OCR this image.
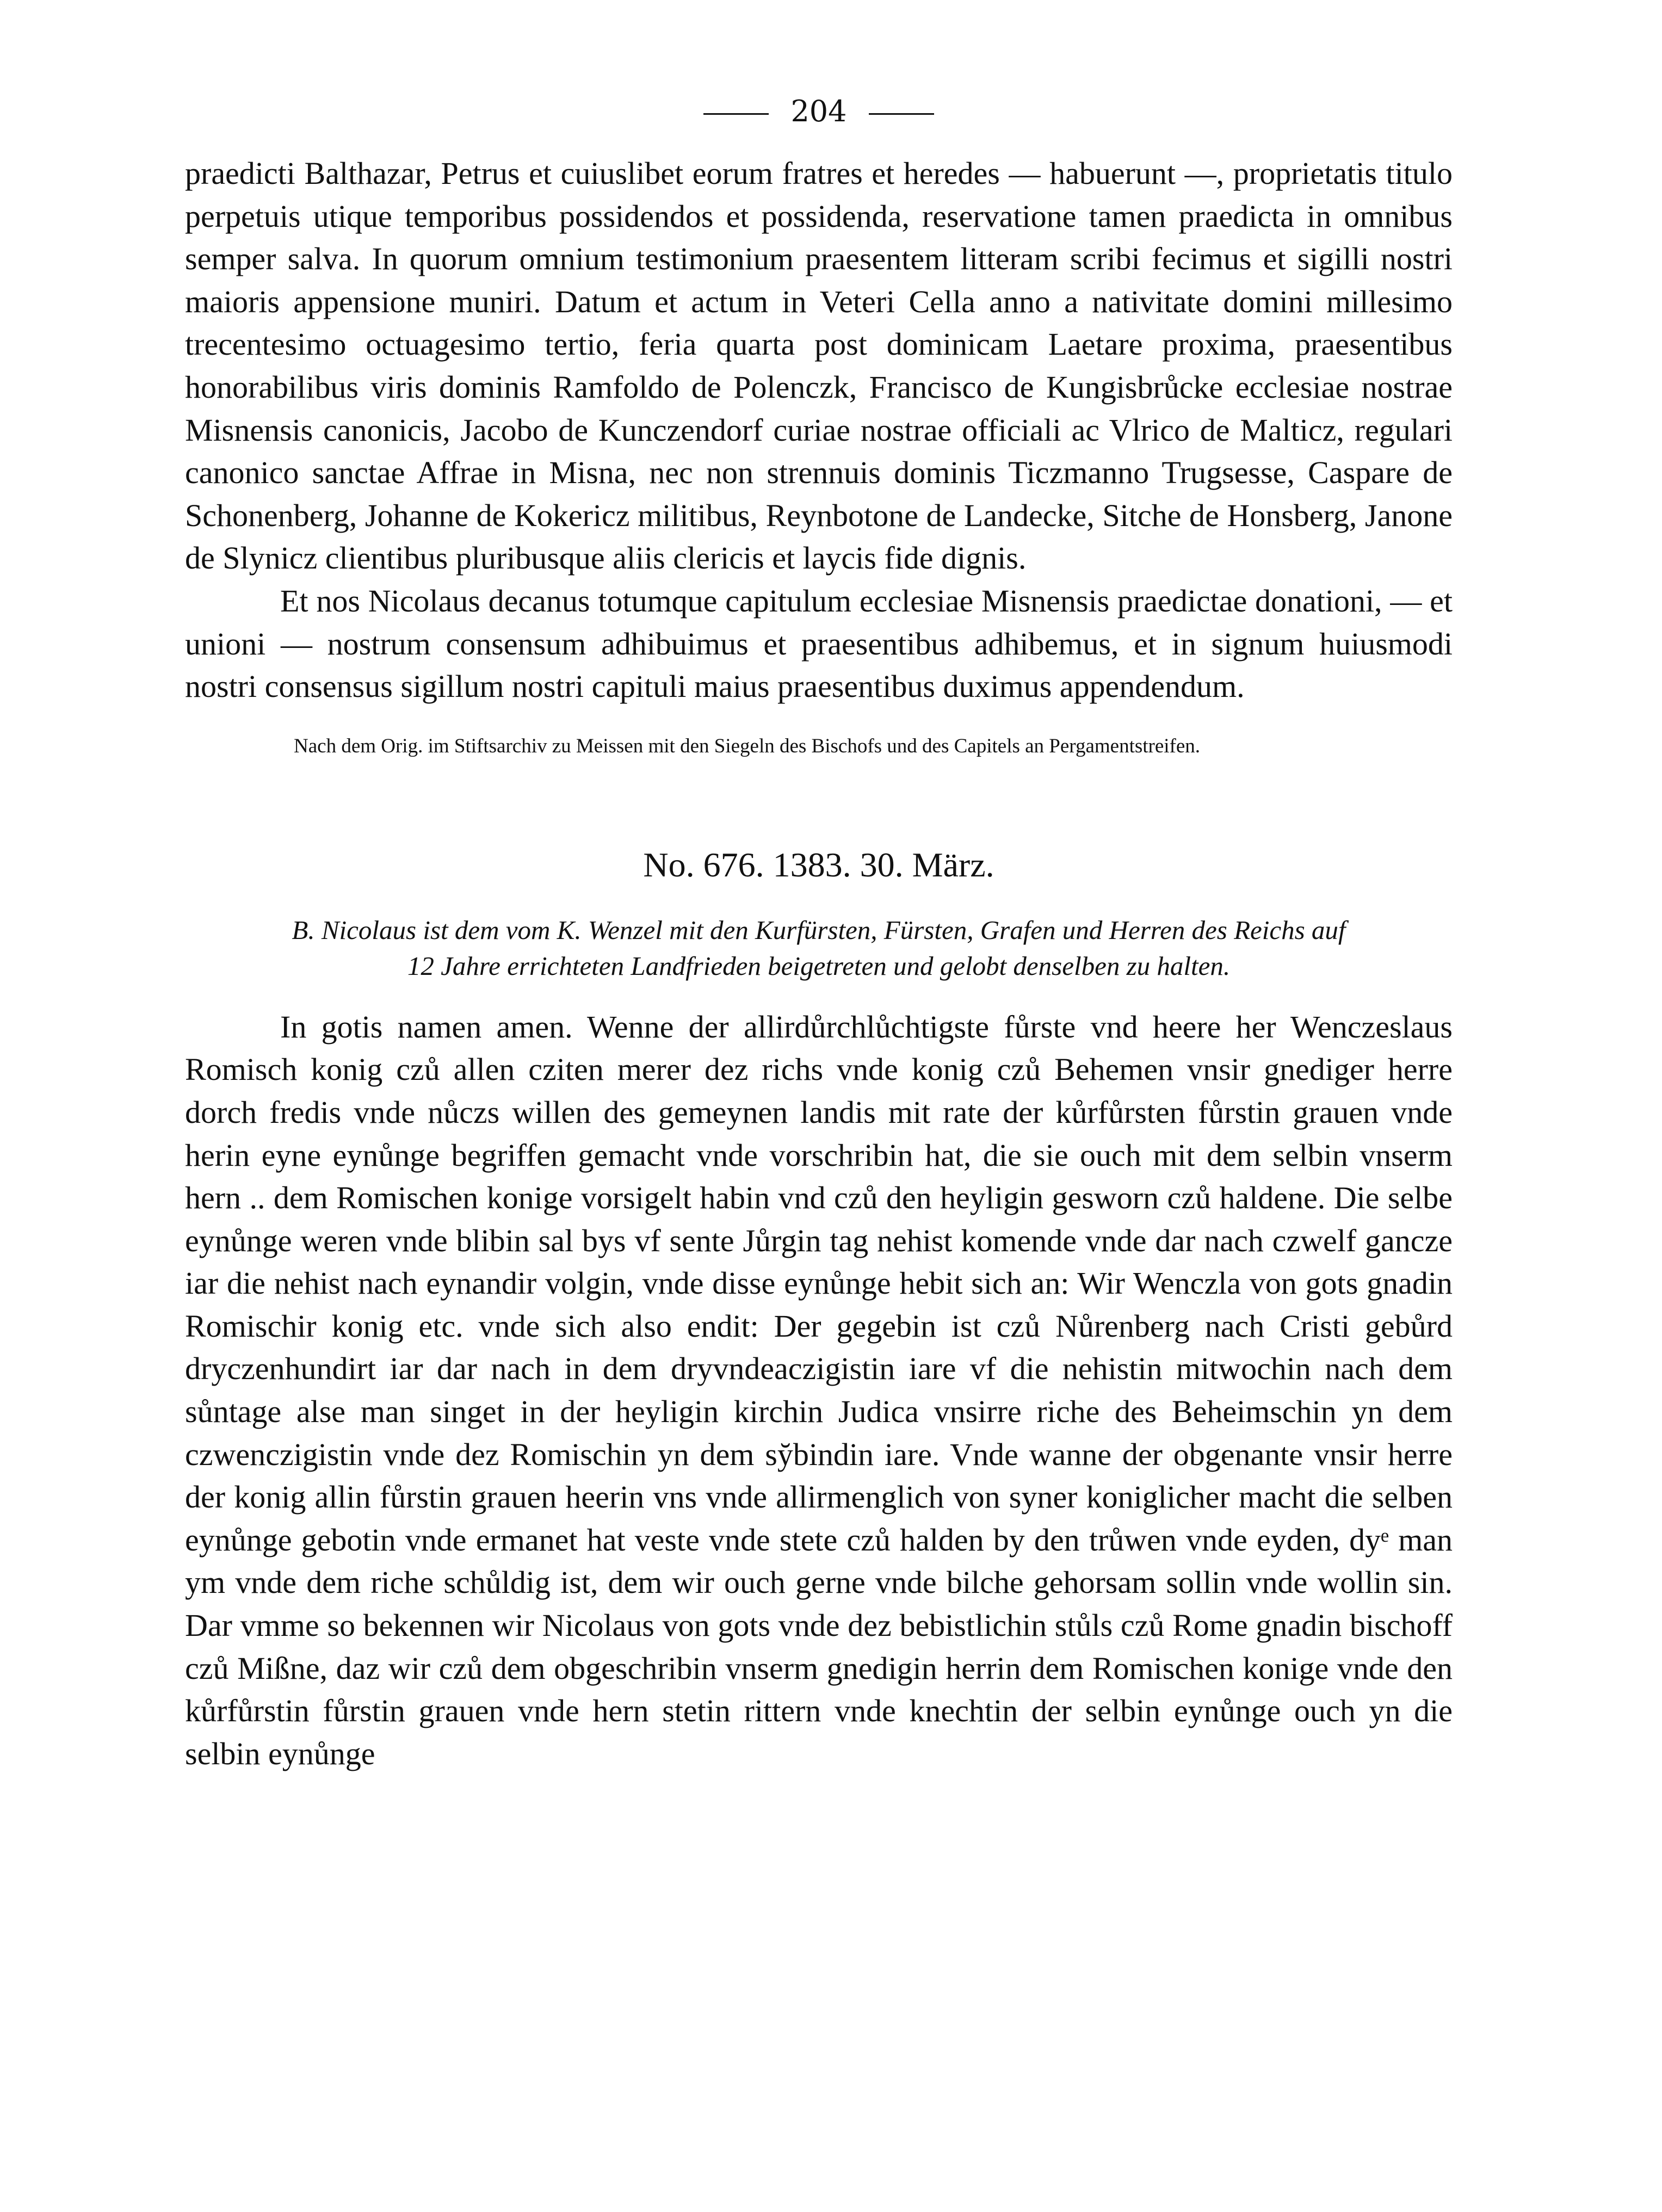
204

praedicti Balthazar, Petrus et cuiuslibet eorum fratres et heredes — habuerunt —, proprietatis titulo perpetuis utique temporibus possidendos et possidenda, reservatione tamen praedicta in omnibus semper salva. In quorum omnium testimonium praesentem litteram scribi fecimus et sigilli nostri maioris appensione muniri. Datum et actum in Veteri Cella anno a nativitate domini millesimo trecentesimo octuagesimo tertio, feria quarta post dominicam Laetare proxima, praesentibus honorabilibus viris dominis Ramfoldo de Polenczk, Francisco de Kungisbrůcke ecclesiae nostrae Misnensis canonicis, Jacobo de Kunczendorf curiae nostrae officiali ac Vlrico de Malticz, regulari canonico sanctae Affrae in Misna, nec non strennuis dominis Ticzmanno Trugsesse, Caspare de Schonenberg, Johanne de Kokericz militibus, Reynbotone de Landecke, Sitche de Honsberg, Janone de Slynicz clientibus pluribusque aliis clericis et laycis fide dignis.

Et nos Nicolaus decanus totumque capitulum ecclesiae Misnensis praedictae donationi, — et unioni — nostrum consensum adhibuimus et praesentibus adhibemus, et in signum huiusmodi nostri consensus sigillum nostri capituli maius praesentibus duximus appendendum.

Nach dem Orig. im Stiftsarchiv zu Meissen mit den Siegeln des Bischofs und des Capitels an Pergamentstreifen.

No. 676. 1383. 30. März.
B. Nicolaus ist dem vom K. Wenzel mit den Kurfürsten, Fürsten, Grafen und Herren des Reichs auf
12 Jahre errichteten Landfrieden beigetreten und gelobt denselben zu halten.

In gotis namen amen. Wenne der allirdůrchlůchtigste fůrste vnd heere her Wenczeslaus Romisch konig czů allen cziten merer dez richs vnde konig czů Behemen vnsir gnediger herre dorch fredis vnde nůczs willen des gemeynen landis mit rate der kůrfůrsten fůrstin grauen vnde herin eyne eynůnge begriffen gemacht vnde vorschribin hat, die sie ouch mit dem selbin vnserm hern .. dem Romischen konige vorsigelt habin vnd czů den heyligin gesworn czů haldene. Die selbe eynůnge weren vnde blibin sal bys vf sente Jůrgin tag nehist komende vnde dar nach czwelf gancze iar die nehist nach eynandir volgin, vnde disse eynůnge hebit sich an: Wir Wenczla von gots gnadin Romischir konig etc. vnde sich also endit: Der gegebin ist czů Nůrenberg nach Cristi gebůrd dryczenhundirt iar dar nach in dem dryvndeaczigistin iare vf die nehistin mitwochin nach dem sůntage alse man singet in der heyligin kirchin Judica vnsirre riche des Beheimschin yn dem czwenczigistin vnde dez Romischin yn dem sy̆bindin iare. Vnde wanne der obgenante vnsir herre der konig allin fůrstin grauen heerin vns vnde allirmenglich von syner koniglicher macht die selben eynůnge gebotin vnde ermanet hat veste vnde stete czů halden by den trůwen vnde eyden, dyᵉ man ym vnde dem riche schůldig ist, dem wir ouch gerne vnde bilche gehorsam sollin vnde wollin sin. Dar vmme so bekennen wir Nicolaus von gots vnde dez bebistlichin stůls czů Rome gnadin bischoff czů Mißne, daz wir czů dem obgeschribin vnserm gnedigin herrin dem Romischen konige vnde den kůrfůrstin fůrstin grauen vnde hern stetin rittern vnde knechtin der selbin eynůnge ouch yn die selbin eynůnge
